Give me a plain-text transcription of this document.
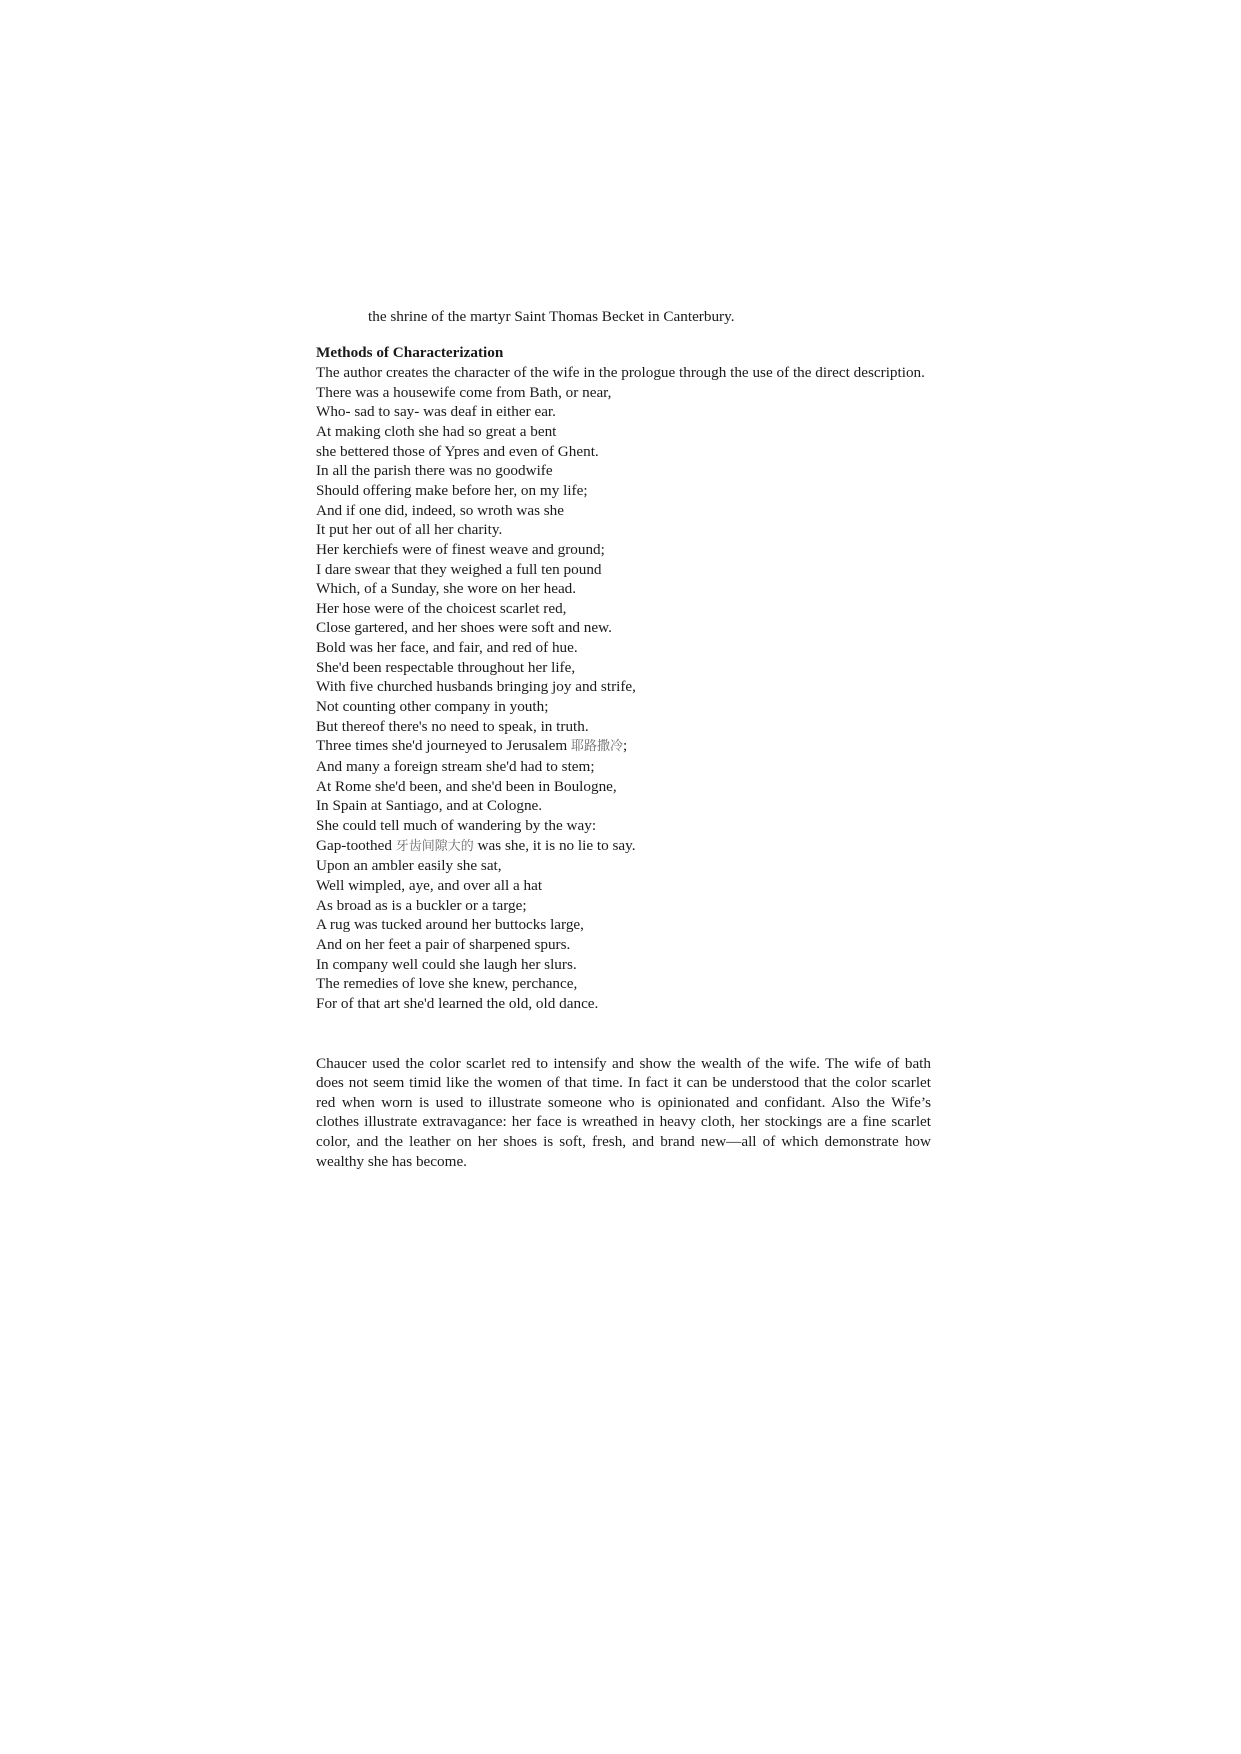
the shrine of the martyr Saint Thomas Becket in Canterbury.

Methods of Characterization

The author creates the character of the wife in the prologue through the use of the direct description.

There was a housewife come from Bath, or near,
Who- sad to say- was deaf in either ear.
At making cloth she had so great a bent
she bettered those of Ypres and even of Ghent.
In all the parish there was no goodwife
Should offering make before her, on my life;
And if one did, indeed, so wroth was she
It put her out of all her charity.
Her kerchiefs were of finest weave and ground;
I dare swear that they weighed a full ten pound
Which, of a Sunday, she wore on her head.
Her hose were of the choicest scarlet red,
Close gartered, and her shoes were soft and new.
Bold was her face, and fair, and red of hue.
She'd been respectable throughout her life,
With five churched husbands bringing joy and strife,
Not counting other company in youth;
But thereof there's no need to speak, in truth.
Three times she'd journeyed to Jerusalem 耶路撒冷;
And many a foreign stream she'd had to stem;
At Rome she'd been, and she'd been in Boulogne,
In Spain at Santiago, and at Cologne.
She could tell much of wandering by the way:
Gap-toothed 牙齿间隙大的 was she, it is no lie to say.
Upon an ambler easily she sat,
Well wimpled, aye, and over all a hat
As broad as is a buckler or a targe;
A rug was tucked around her buttocks large,
And on her feet a pair of sharpened spurs.
In company well could she laugh her slurs.
The remedies of love she knew, perchance,
For of that art she'd learned the old, old dance.

Chaucer used the color scarlet red to intensify and show the wealth of the wife. The wife of bath does not seem timid like the women of that time. In fact it can be understood that the color scarlet red when worn is used to illustrate someone who is opinionated and confidant. Also the Wife’s clothes illustrate extravagance: her face is wreathed in heavy cloth, her stockings are a fine scarlet color, and the leather on her shoes is soft, fresh, and brand new—all of which demonstrate how wealthy she has become.
